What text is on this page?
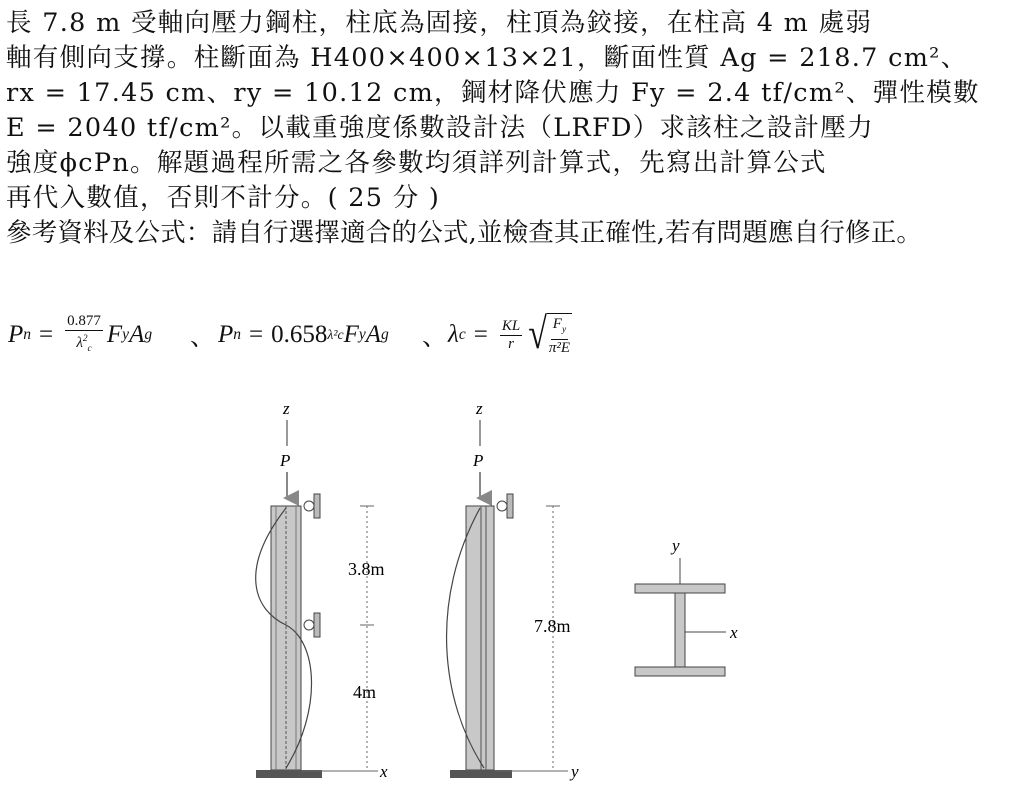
長 7.8 m 受軸向壓力鋼柱，柱底為固接，柱頂為鉸接，在柱高 4 m 處弱
軸有側向支撐。柱斷面為 H400×400×13×21，斷面性質 Ag = 218.7 cm²、
rx = 17.45 cm、ry = 10.12 cm，鋼材降伏應力 Fy = 2.4 tf/cm²、彈性模數
E = 2040 tf/cm²。以載重強度係數設計法（LRFD）求該柱之設計壓力
強度ϕcPn。解題過程所需之各參數均須詳列計算式，先寫出計算公式
再代入數值，否則不計分。( 25 分 )
參考資料及公式：請自行選擇適合的公式,並檢查其正確性,若有問題應自行修正。
P $n = \frac{0.877}{\lambda^2_c}$ F y A g 、 P n = 0.658 λ²c F y A g 、 λ $c = \frac{KL}{r}$ √ $\frac{F_y}{\text{π²E}}$
z
P
x
3.8m
4m
z
P
y
7.8m
y
x
